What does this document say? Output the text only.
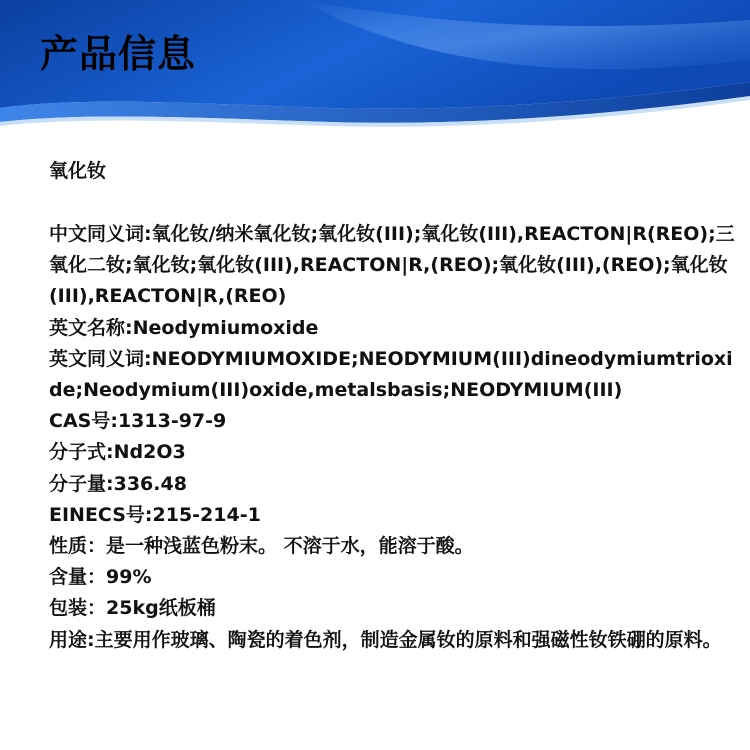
产品信息
氧化钕
中文同义词:氧化钕/纳米氧化钕;氧化钕(III);氧化钕(III),REACTON|R(REO);三氧化二钕;氧化钕;氧化钕(III),REACTON|R,(REO);氧化钕(III),(REO);氧化钕(III),REACTON|R,(REO)
英文名称:Neodymiumoxide
英文同义词:NEODYMIUMOXIDE;NEODYMIUM(III)dineodymiumtrioxide;Neodymium(III)oxide,metalsbasis;NEODYMIUM(III)
CAS号:1313-97-9
分子式:Nd2O3
分子量:336.48
EINECS号:215-214-1
性质：是一种浅蓝色粉末。 不溶于水，能溶于酸。
含量：99%
包装：25kg纸板桶
用途:主要用作玻璃、陶瓷的着色剂，制造金属钕的原料和强磁性钕铁硼的原料。
